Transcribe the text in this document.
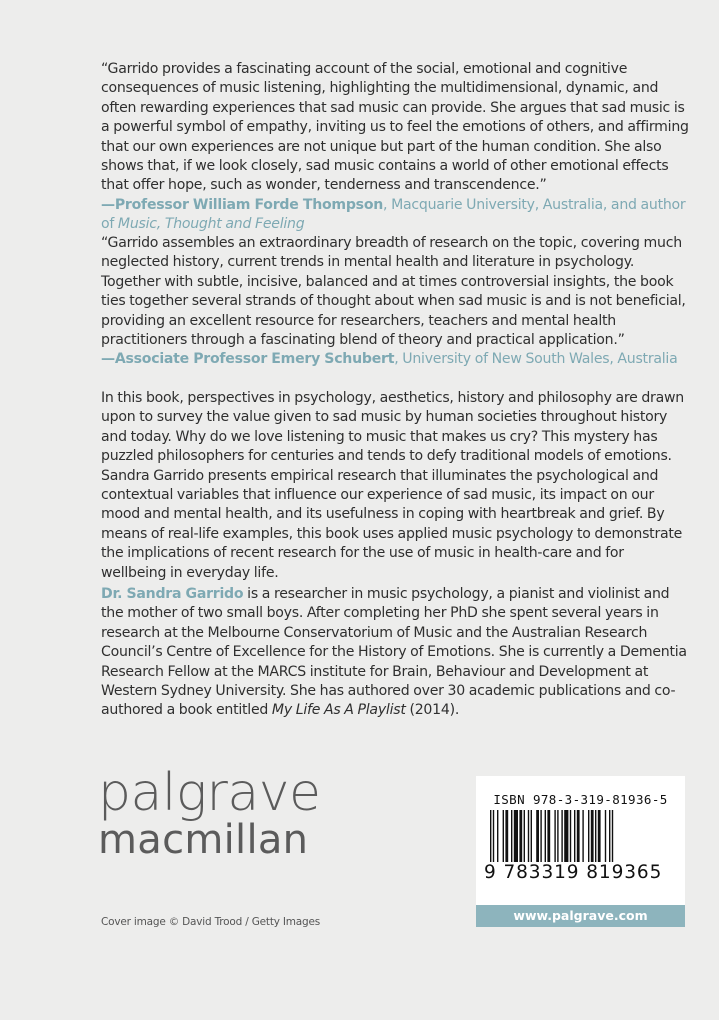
“Garrido provides a fascinating account of the social, emotional and cognitive consequences of music listening, highlighting the multidimensional, dynamic, and often rewarding experiences that sad music can provide. She argues that sad music is a powerful symbol of empathy, inviting us to feel the emotions of others, and affirming that our own experiences are not unique but part of the human condition. She also shows that, if we look closely, sad music contains a world of other emotional effects that offer hope, such as wonder, tenderness and transcendence.”
—Professor William Forde Thompson, Macquarie University, Australia, and author of Music, Thought and Feeling
“Garrido assembles an extraordinary breadth of research on the topic, covering much neglected history, current trends in mental health and literature in psychology. Together with subtle, incisive, balanced and at times controversial insights, the book ties together several strands of thought about when sad music is and is not beneficial, providing an excellent resource for researchers, teachers and mental health practitioners through a fascinating blend of theory and practical application.”
—Associate Professor Emery Schubert, University of New South Wales, Australia
In this book, perspectives in psychology, aesthetics, history and philosophy are drawn upon to survey the value given to sad music by human societies throughout history and today. Why do we love listening to music that makes us cry? This mystery has puzzled philosophers for centuries and tends to defy traditional models of emotions. Sandra Garrido presents empirical research that illuminates the psychological and contextual variables that influence our experience of sad music, its impact on our mood and mental health, and its usefulness in coping with heartbreak and grief. By means of real-life examples, this book uses applied music psychology to demonstrate the implications of recent research for the use of music in health-care and for wellbeing in everyday life.
Dr. Sandra Garrido is a researcher in music psychology, a pianist and violinist and the mother of two small boys. After completing her PhD she spent several years in research at the Melbourne Conservatorium of Music and the Australian Research Council’s Centre of Excellence for the History of Emotions. She is currently a Dementia Research Fellow at the MARCS institute for Brain, Behaviour and Development at Western Sydney University. She has authored over 30 academic publications and co-authored a book entitled My Life As A Playlist (2014).
palgrave
macmillan
Cover image © David Trood / Getty Images
ISBN 978-3-319-81936-5
9 783319 819365
www.palgrave.com
